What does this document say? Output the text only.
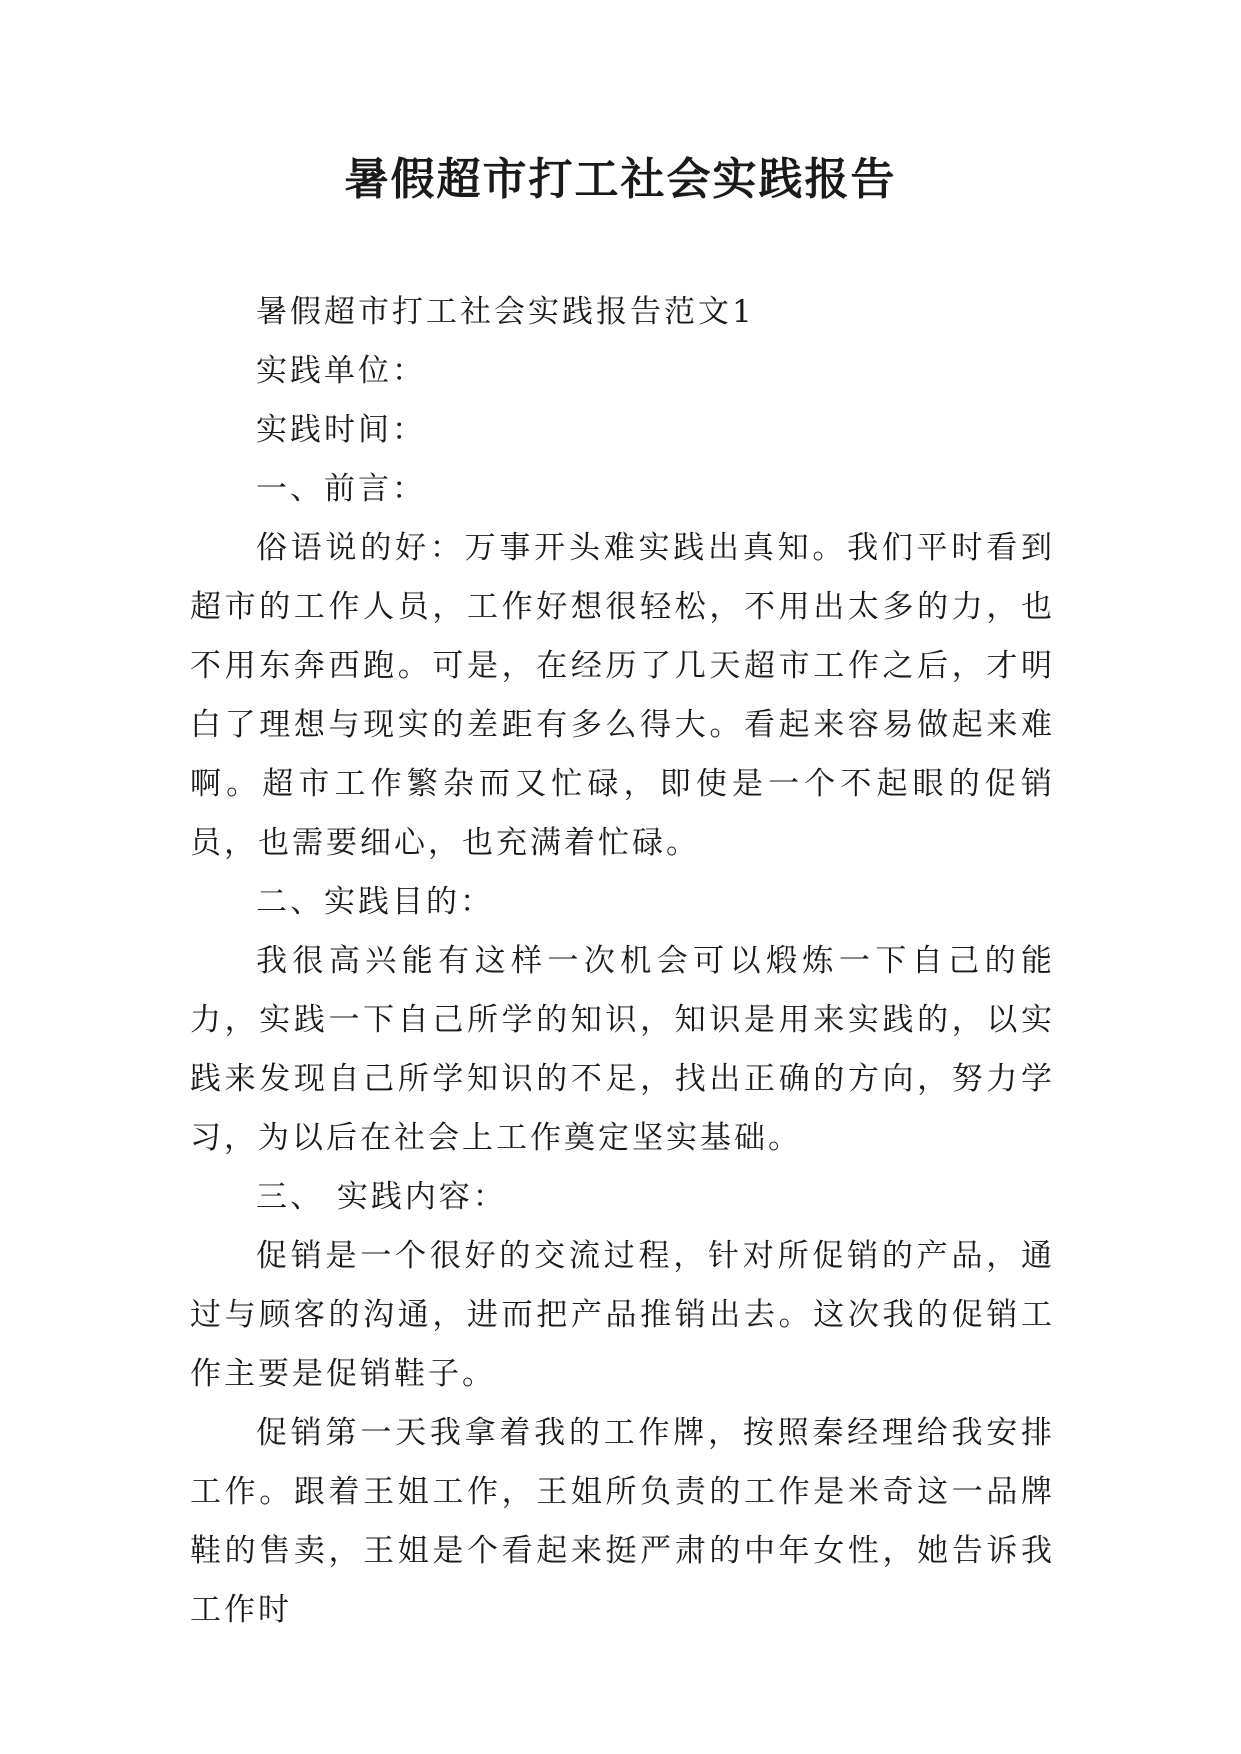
暑假超市打工社会实践报告

暑假超市打工社会实践报告范文1

实践单位：

实践时间：

一、前言：

俗语说的好：万事开头难实践出真知。我们平时看到超市的工作人员，工作好想很轻松，不用出太多的力，也不用东奔西跑。可是，在经历了几天超市工作之后，才明白了理想与现实的差距有多么得大。看起来容易做起来难啊。超市工作繁杂而又忙碌，即使是一个不起眼的促销员，也需要细心，也充满着忙碌。

二、实践目的：

我很高兴能有这样一次机会可以煅炼一下自己的能力，实践一下自己所学的知识，知识是用来实践的，以实践来发现自己所学知识的不足，找出正确的方向，努力学习，为以后在社会上工作奠定坚实基础。

三、 实践内容：

促销是一个很好的交流过程，针对所促销的产品，通过与顾客的沟通，进而把产品推销出去。这次我的促销工作主要是促销鞋子。

促销第一天我拿着我的工作牌，按照秦经理给我安排工作。跟着王姐工作，王姐所负责的工作是米奇这一品牌鞋的售卖，王姐是个看起来挺严肃的中年女性，她告诉我工作时
